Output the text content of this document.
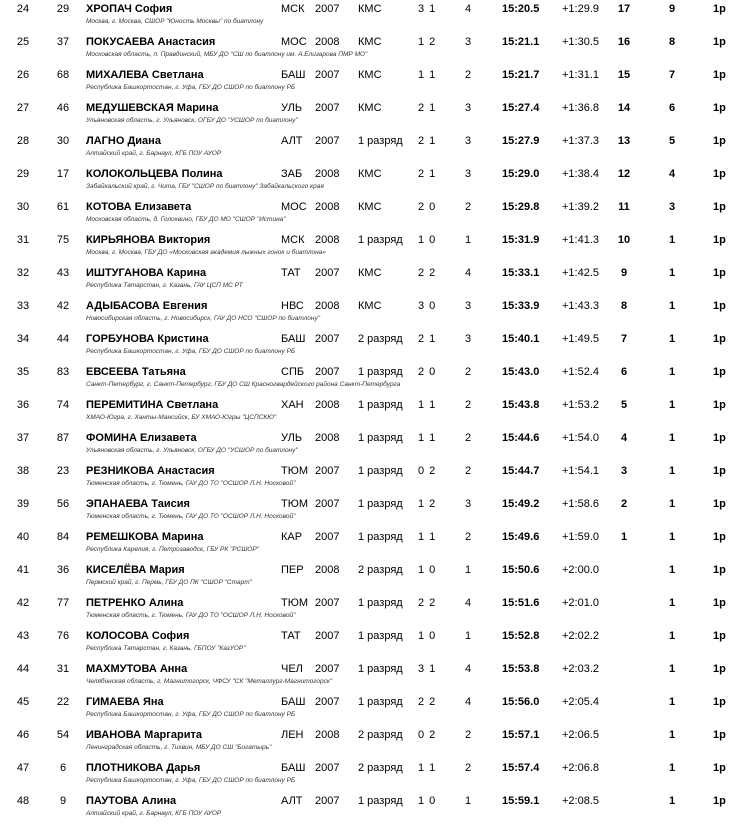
24	29	ХРОПАЧ София	МСК 2007 КМС	3 1	4	15:20.5 +1:29.9 17	9	1р
Москва, г. Москва, СШОР "Юность Москвы" по биатлону
25	37	ПОКУСАЕВА Анастасия	МОС 2008 КМС	1 2	3	15:21.1 +1:30.5 16	8	1р
Московская область, п. Правдинский, МБУ ДО "СШ по биатлону им. А.Елизарова ПМР МО"
26	68	МИХАЛЕВА Светлана	БАШ 2007 КМС	1 1	2	15:21.7 +1:31.1 15	7	1р
Республика Башкортостан, г. Уфа, ГБУ ДО СШОР по биатлону РБ
27	46	МЕДУШЕВСКАЯ Марина	УЛЬ 2007 КМС	2 1	3	15:27.4 +1:36.8 14	6	1р
Ульяновская область, г. Ульяновск, ОГБУ ДО "УСШОР по биатлону"
28	30	ЛАГНО Диана	АЛТ 2007 1 разряд 2 1	3	15:27.9 +1:37.3 13	5	1р
Алтайский край, г. Барнаул, КГБ ПОУ АУОР
29	17	КОЛОКОЛЬЦЕВА Полина	ЗАБ 2008 КМС	2 1	3	15:29.0 +1:38.4 12	4	1р
Забайкальский край, г. Чита, ГБУ "СШОР по биатлону" Забайкальского края
30	61	КОТОВА Елизавета	МОС 2008 КМС	2 0	2	15:29.8 +1:39.2 11	3	1р
Московская область, д. Голохвино, ГБУ ДО МО "СШОР "Истина"
31	75	КИРЬЯНОВА Виктория	МСК 2008 1 разряд 1 0	1	15:31.9 +1:41.3 10	1	1р
Москва, г. Москва, ГБУ ДО «Московская академия лыжных гонок и биатлона»
32	43	ИШТУГАНОВА Карина	ТАТ 2007 КМС	2 2	4	15:33.1 +1:42.5	9	1	1р
Республика Татарстан, г. Казань, ГАУ ЦСП МС РТ
33	42	АДЫБАСОВА Евгения	НВС 2008 КМС	3 0	3	15:33.9 +1:43.3	8	1	1р
Новосибирская область, г. Новосибирск, ГАУ ДО НСО "СШОР по биатлону"
34	44	ГОРБУНОВА Кристина	БАШ 2007 2 разряд 2 1	3	15:40.1 +1:49.5	7	1	1р
Республика Башкортостан, г. Уфа, ГБУ ДО СШОР по биатлону РБ
35	83	ЕВСЕЕВА Татьяна	СПБ 2007 1 разряд 2 0	2	15:43.0 +1:52.4	6	1	1р
Санкт-Петербург, г. Санкт-Петербург, ГБУ ДО СШ Красногвардейского района Санкт-Петербурга
36	74	ПЕРЕМИТИНА Светлана	ХАН 2008 1 разряд 1 1	2	15:43.8 +1:53.2	5	1	1р
ХМАО-Югра, г. Ханты-Мансийск, БУ ХМАО-Югры "ЦСПСКЮ"
37	87	ФОМИНА Елизавета	УЛЬ 2008 1 разряд 1 1	2	15:44.6 +1:54.0	4	1	1р
Ульяновская область, г. Ульяновск, ОГБУ ДО "УСШОР по биатлону"
38	23	РЕЗНИКОВА Анастасия	ТЮМ 2007 1 разряд 0 2	2	15:44.7 +1:54.1	3	1	1р
Тюменская область, г. Тюмень, ГАУ ДО ТО "ОСШОР Л.Н. Носковой"
39	56	ЭПАНАЕВА Таисия	ТЮМ 2007 1 разряд 1 2	3	15:49.2 +1:58.6	2	1	1р
Тюменская область, г. Тюмень, ГАУ ДО ТО "ОСШОР Л.Н. Носковой"
40	84	РЕМЕШКОВА Марина	КАР 2007 1 разряд 1 1	2	15:49.6 +1:59.0	1	1	1р
Республика Карелия, г. Петрозаводск, ГБУ РК "РСШОР"
41	36	КИСЕЛЁВА Мария	ПЕР 2008 2 разряд 1 0	1	15:50.6 +2:00.0	1	1р
Пермский край, г. Пермь, ГБУ ДО ПК "СШОР "Старт"
42	77	ПЕТРЕНКО Алина	ТЮМ 2007 1 разряд 2 2	4	15:51.6 +2:01.0	1	1р
Тюменская область, г. Тюмень, ГАУ ДО ТО "ОСШОР Л.Н. Носковой"
43	76	КОЛОСОВА София	ТАТ 2007 1 разряд 1 0	1	15:52.8 +2:02.2	1	1р
Республика Татарстан, г. Казань, ГБПОУ "КазУОР"
44	31	МАХМУТОВА Анна	ЧЕЛ 2007 1 разряд 3 1	4	15:53.8 +2:03.2	1	1р
Челябинская область, г. Магнитогорск, ЧФСУ "СК "Металлург-Магнитогорск"
45	22	ГИМАЕВА Яна	БАШ 2007 1 разряд 2 2	4	15:56.0 +2:05.4	1	1р
Республика Башкортостан, г. Уфа, ГБУ ДО СШОР по биатлону РБ
46	54	ИВАНОВА Маргарита	ЛЕН 2008 2 разряд 0 2	2	15:57.1 +2:06.5	1	1р
Ленинградская область, г. Тихвин, МБУ ДО СШ "Богатырь"
47	6	ПЛОТНИКОВА Дарья	БАШ 2007 2 разряд 1 1	2	15:57.4 +2:06.8	1	1р
Республика Башкортостан, г. Уфа, ГБУ ДО СШОР по биатлону РБ
48	9	ПАУТОВА Алина	АЛТ 2007 1 разряд 1 0	1	15:59.1 +2:08.5	1	1р
Алтайский край, г. Барнаул, КГБ ПОУ АУОР
